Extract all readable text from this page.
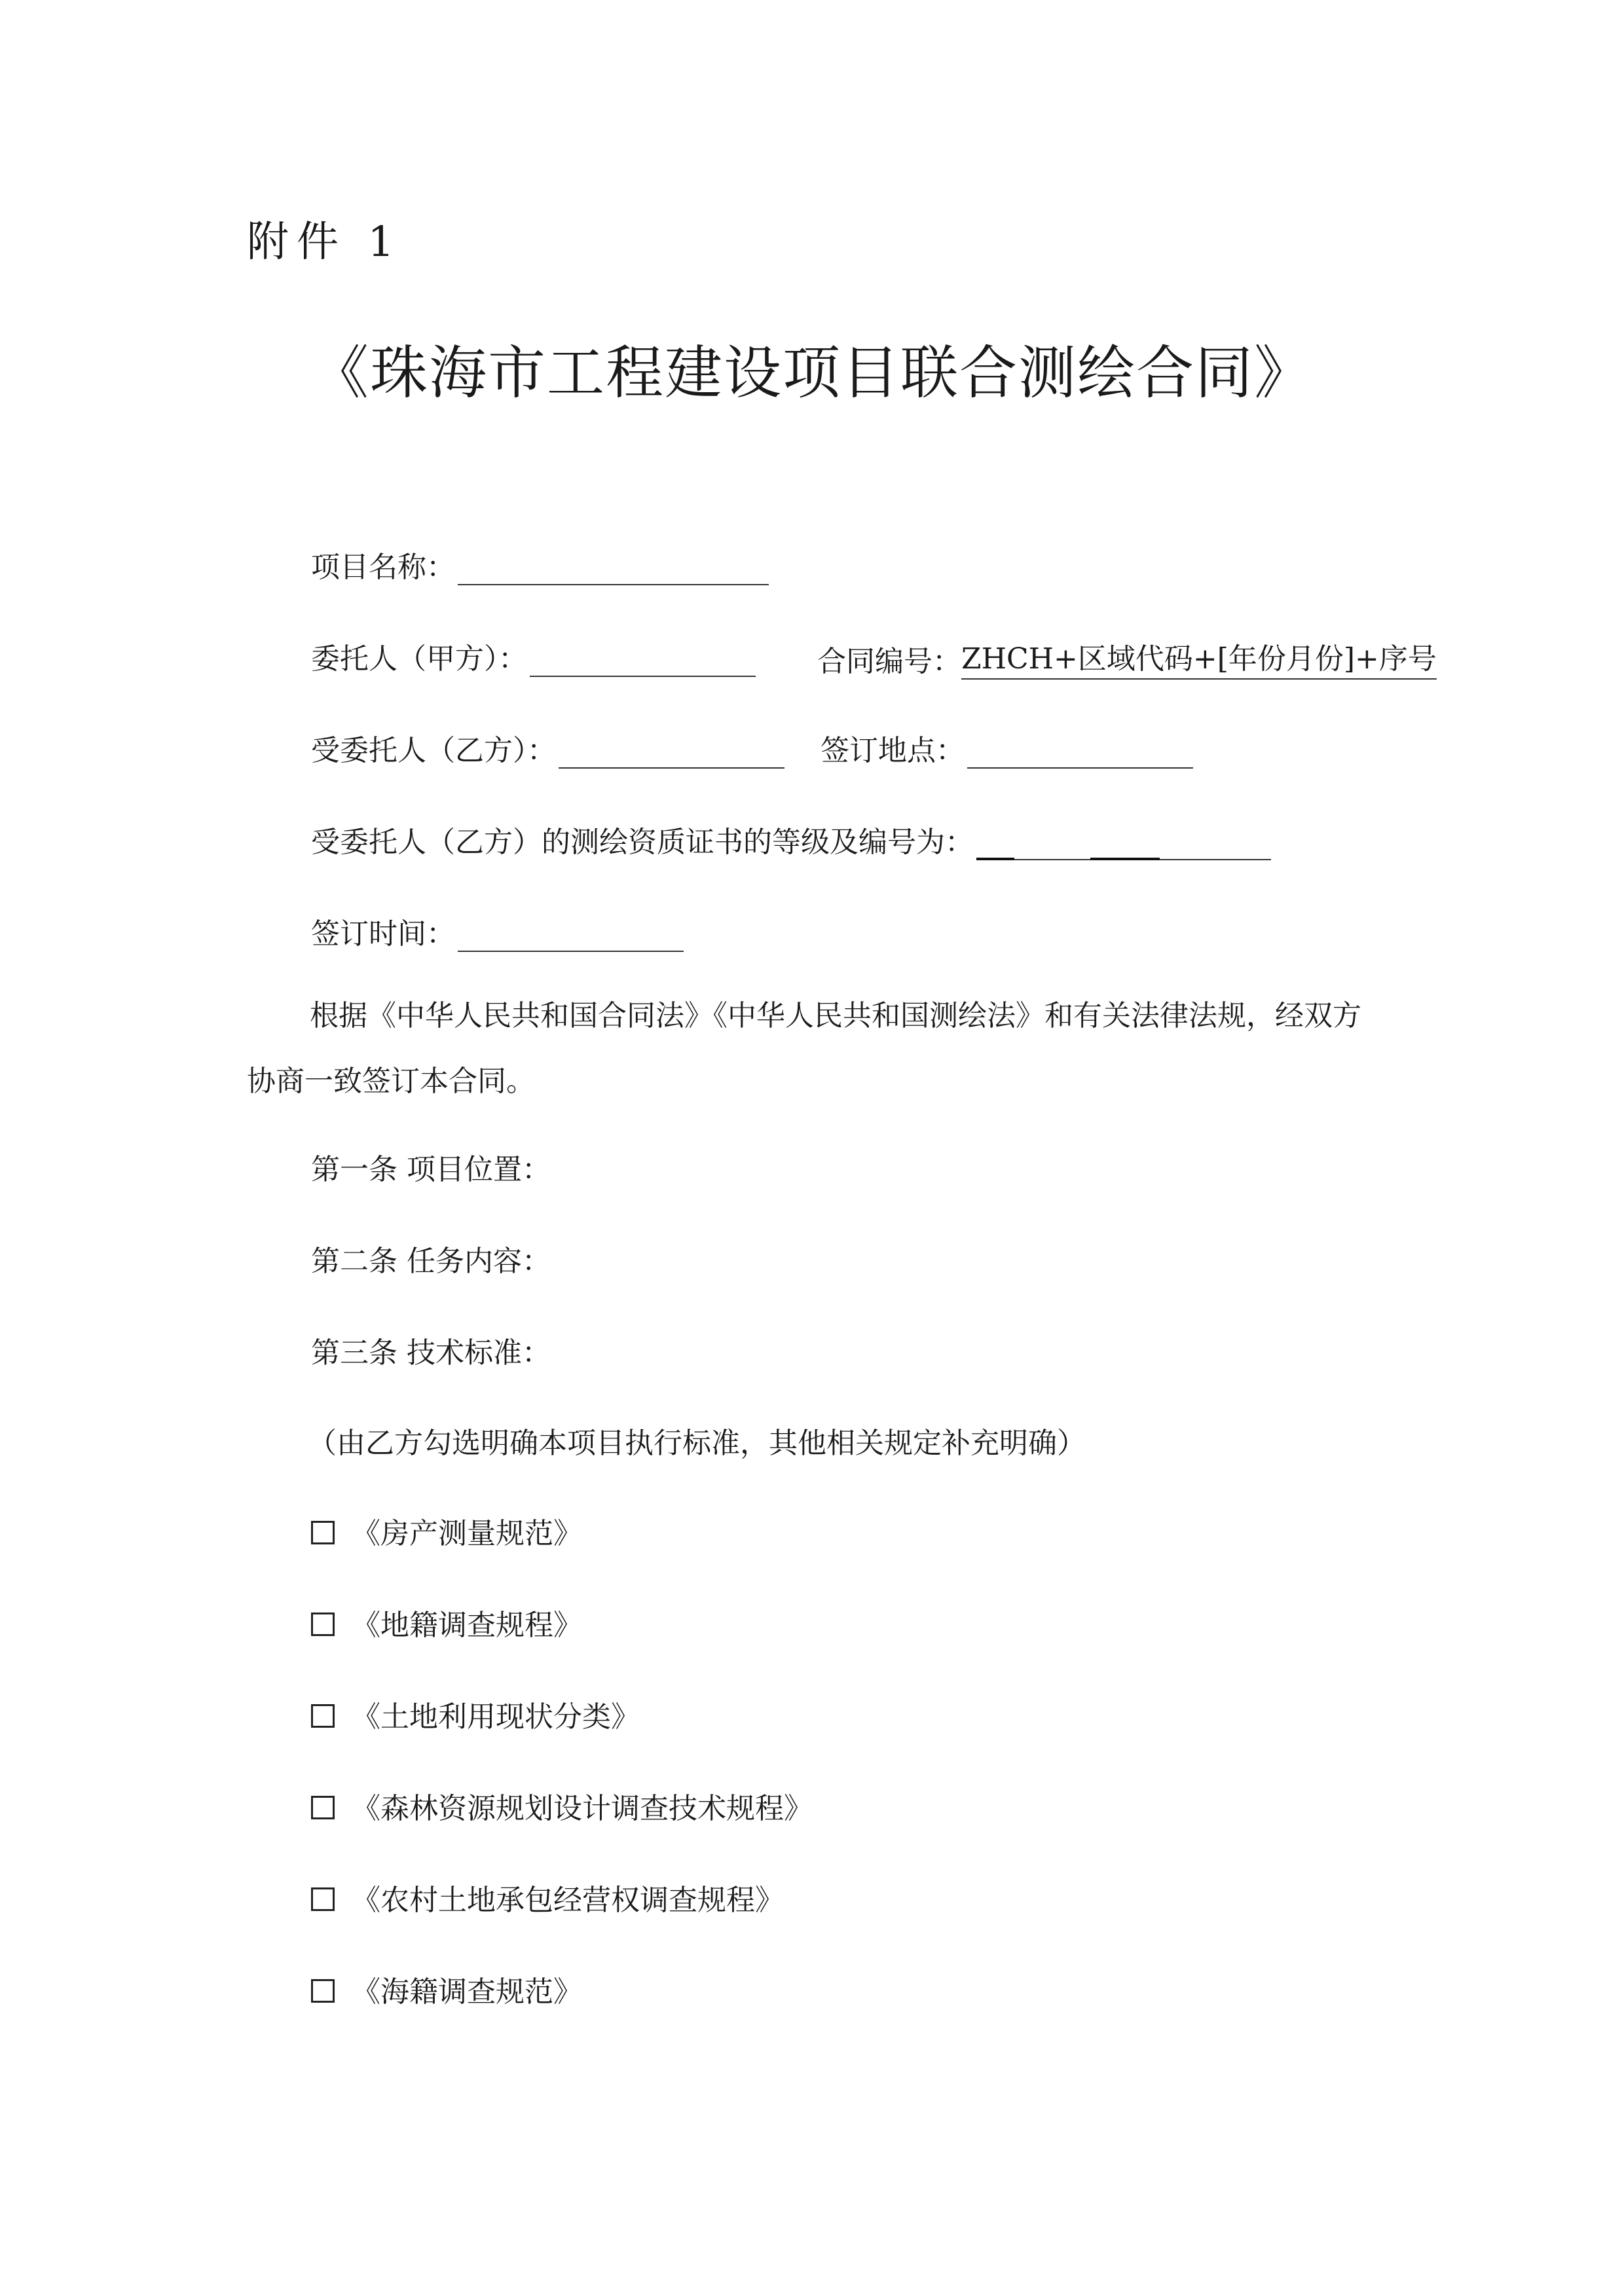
附件 1
《珠海市工程建设项目联合测绘合同》
项目名称：
委托人（甲方）：	合同编号： ZHCH+区域代码+[年份月份]+序号
受委托人（乙方）：	签订地点：
受委托人（乙方）的测绘资质证书的等级及编号为：
签订时间：
根据《中华人民共和国合同法》《中华人民共和国测绘法》和有关法律法规，经双方协商一致签订本合同。
第一条 项目位置：
第二条 任务内容：
第三条 技术标准：
（由乙方勾选明确本项目执行标准，其他相关规定补充明确）
《房产测量规范》
《地籍调查规程》
《土地利用现状分类》
《森林资源规划设计调查技术规程》
《农村土地承包经营权调查规程》
《海籍调查规范》
